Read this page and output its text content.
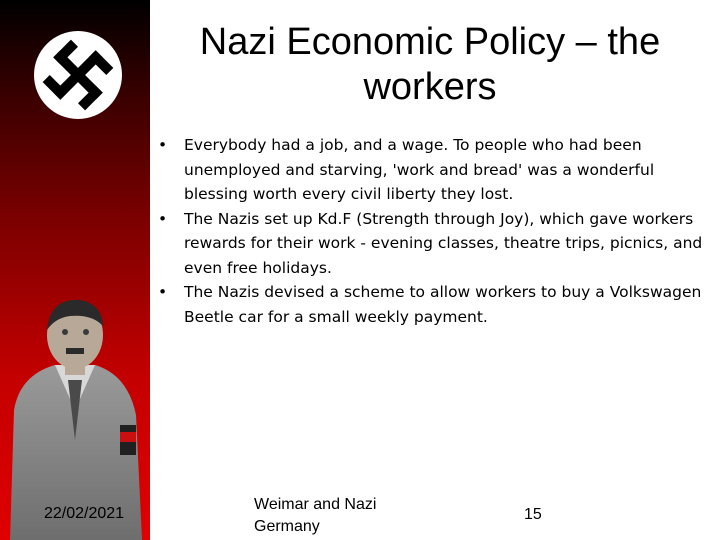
Nazi Economic Policy – the
workers
• Everybody had a job, and a wage. To people who had been unemployed and starving, 'work and bread' was a wonderful blessing worth every civil liberty they lost.
• The Nazis set up Kd.F (Strength through Joy), which gave workers rewards for their work - evening classes, theatre trips, picnics, and even free holidays.
• The Nazis devised a scheme to allow workers to buy a Volkswagen Beetle car for a small weekly payment.
22/02/2021
Weimar and Nazi
Germany
15
